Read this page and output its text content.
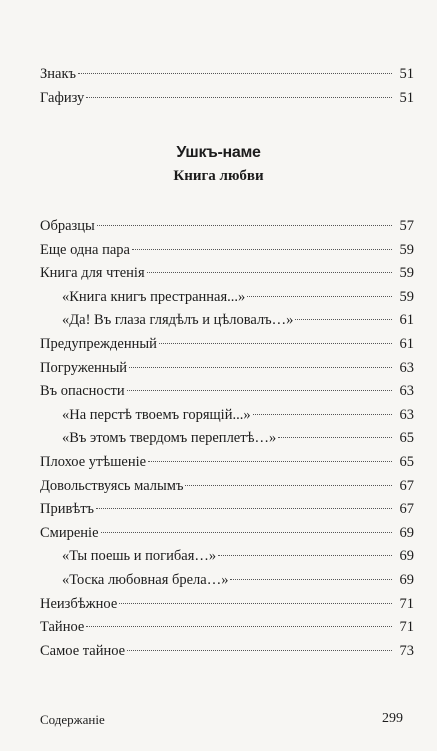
Знакъ	51
Гафизу	51
Ушкъ-наме
Книга любви
Образцы	57
Еще одна пара	59
Книга для чтенія	59
«Книга книгъ престранная...»	59
«Да! Въ глаза глядѣлъ и цѣловалъ…»	61
Предупрежденный	61
Погруженный	63
Въ опасности	63
«На перстѣ твоемъ горящій...»	63
«Въ этомъ твердомъ переплетѣ…»	65
Плохое утѣшеніе	65
Довольствуясь малымъ	67
Привѣтъ	67
Смиреніе	69
«Ты поешь и погибая…»	69
«Тоска любовная брела…»	69
Неизбѣжное	71
Тайное	71
Самое тайное	73
Содержаніе	299
